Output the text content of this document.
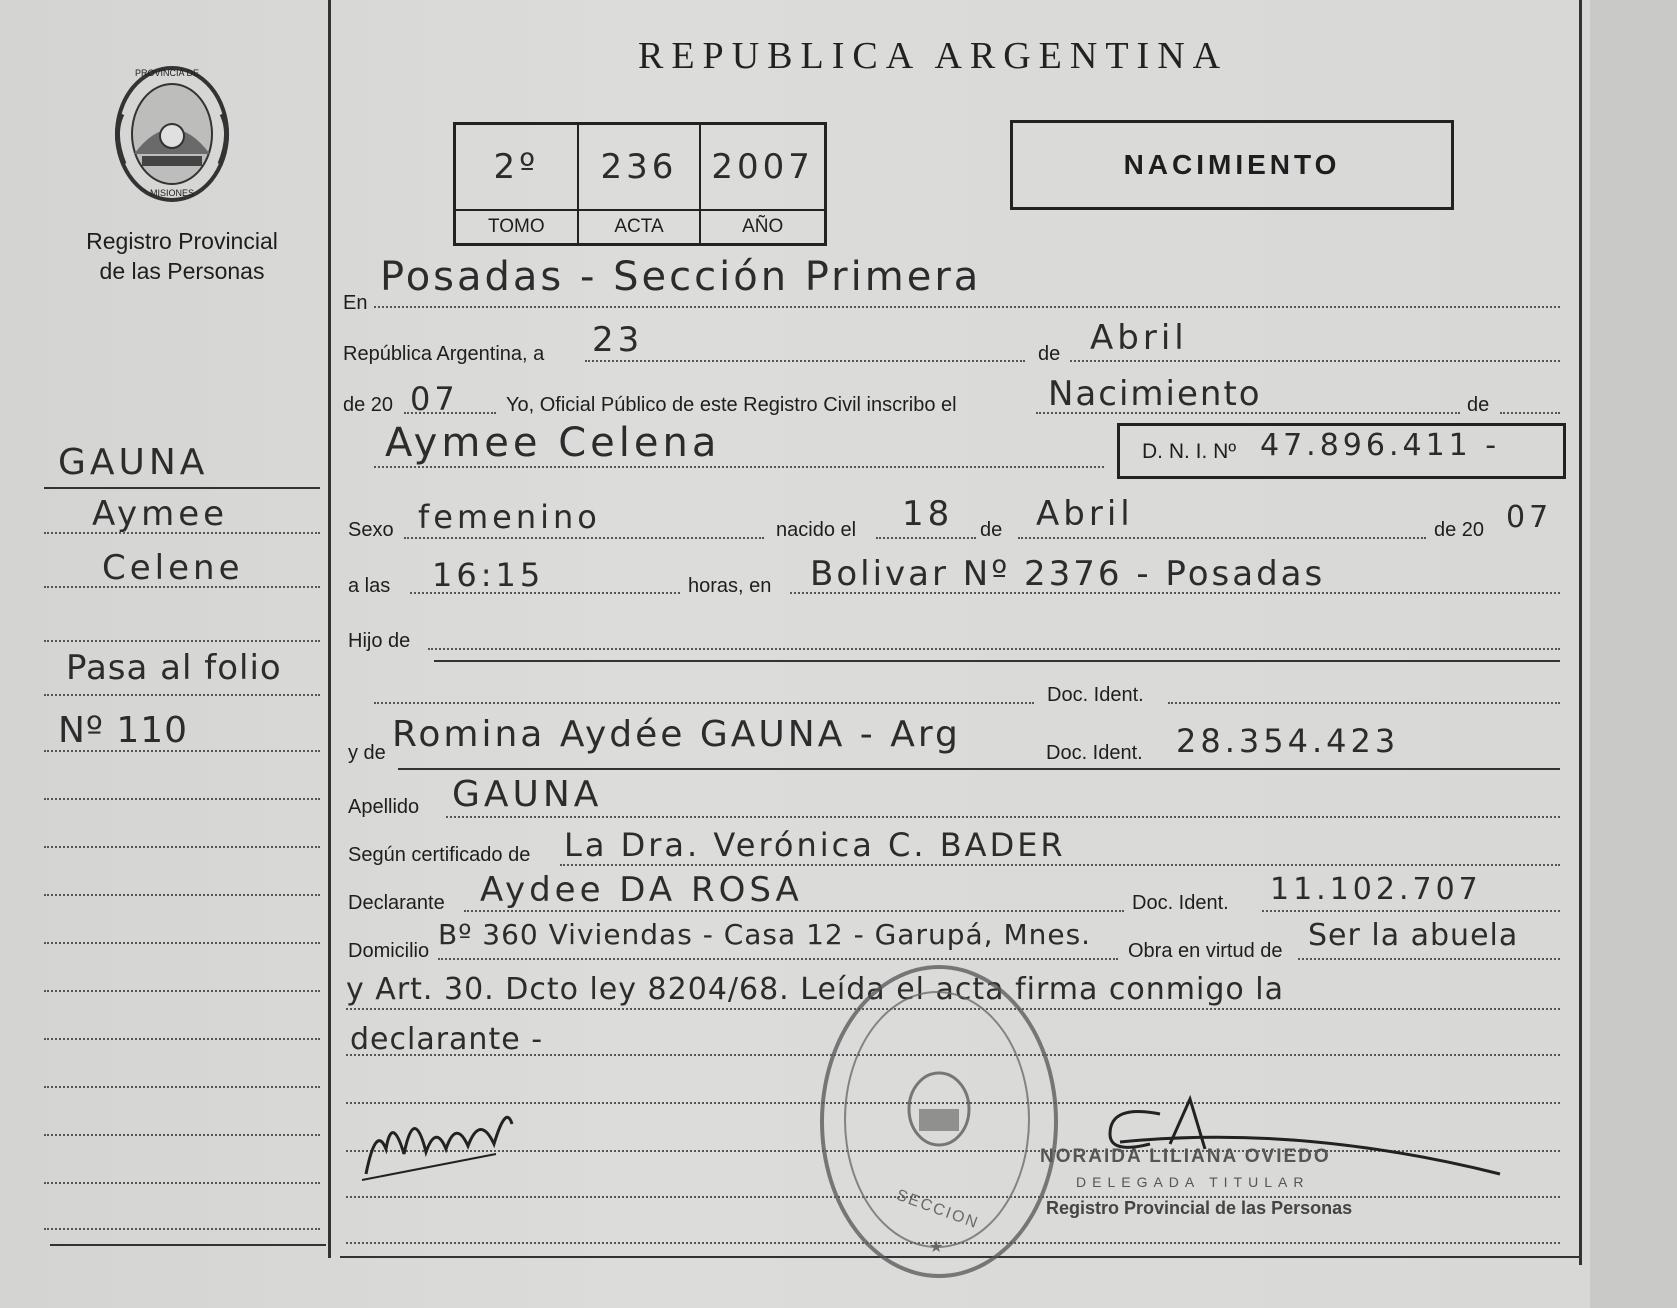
PROVINCIA DE
MISIONES
Registro Provincial de las Personas
GAUNA
Aymee
Celene
Pasa al folio
Nº 110
REPUBLICA ARGENTINA
2º	236 2007
TOMO	ACTA	AÑO
NACIMIENTO
En
Posadas - Sección Primera
República Argentina, a 23	de Abril
de 20 07 Yo, Oficial Público de este Registro Civil inscribo el	Nacimiento	de
Aymee Celena	D. N. I. Nº 47.896.411 -
Sexo femenino	nacido el 18 de Abril	de 20 07
a las 16:15	horas, en Bolivar Nº 2376 - Posadas
Hijo de
Doc. Ident.
y de Romina Aydée GAUNA - Arg	Doc. Ident. 28.354.423
Apellido GAUNA
Según certificado de La Dra. Verónica C. BADER
Declarante Aydee DA ROSA	Doc. Ident. 11.102.707
Domicilio Bº 360 Viviendas - Casa 12 - Garupá, Mnes. Obra en virtud de Ser la abuela
y Art. 30. Dcto ley 8204/68. Leída el acta firma conmigo la
declarante -
SECCION
★
NORAIDA LILIANA OVIEDO
DELEGADA TITULAR
Registro Provincial de las Personas
